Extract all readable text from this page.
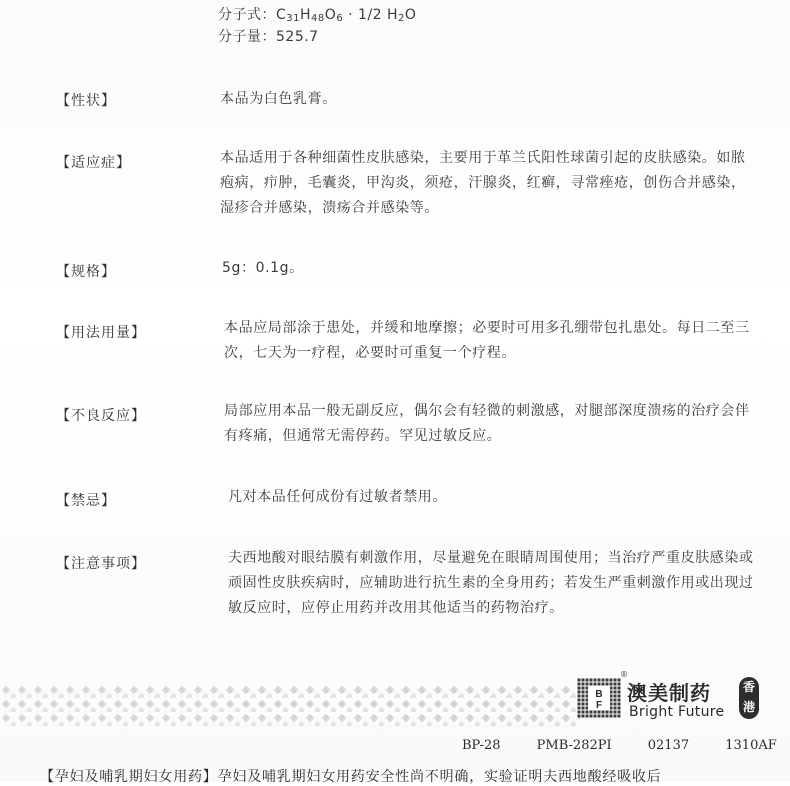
分子式：$C_{31}H_{48}O_6 \cdot 1/2$ $H_2O$
分子量：525.7
【性状】	本品为白色乳膏。
【适应症】	本品适用于各种细菌性皮肤感染，主要用于革兰氏阳性球菌引起的皮肤感染。如脓疱病，疖肿，毛囊炎，甲沟炎，须疮，汗腺炎，红癣，寻常痤疮，创伤合并感染，湿疹合并感染，溃疡合并感染等。
【规格】	5g：0.1g。
【用法用量】	本品应局部涂于患处，并缓和地摩擦；必要时可用多孔绷带包扎患处。每日二至三次，七天为一疗程，必要时可重复一个疗程。
【不良反应】	局部应用本品一般无副反应，偶尔会有轻微的刺激感，对腿部深度溃疡的治疗会伴有疼痛，但通常无需停药。罕见过敏反应。
【禁忌】	凡对本品任何成份有过敏者禁用。
【注意事项】	夫西地酸对眼结膜有刺激作用，尽量避免在眼睛周围使用；当治疗严重皮肤感染或顽固性皮肤疾病时，应辅助进行抗生素的全身用药；若发生严重刺激作用或出现过敏反应时，应停止用药并改用其他适当的药物治疗。
B
F
®
澳美制药
Bright Future
香
港
BP-28	PMB-282PI	02137	1310AF
【孕妇及哺乳期妇女用药】孕妇及哺乳期妇女用药安全性尚不明确，实验证明夫西地酸经吸收后
